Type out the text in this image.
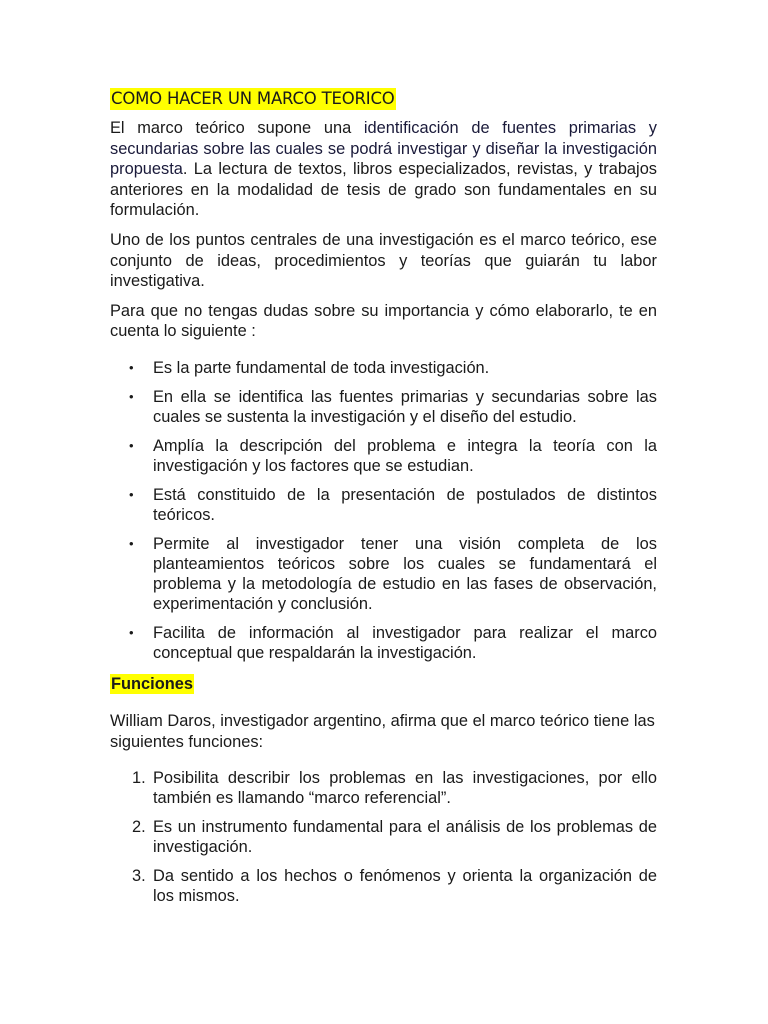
COMO HACER UN MARCO TEORICO

El marco teórico supone una identificación de fuentes primarias y secundarias sobre las cuales se podrá investigar y diseñar la investigación propuesta. La lectura de textos, libros especializados, revistas, y trabajos anteriores en la modalidad de tesis de grado son fundamentales en su formulación.

Uno de los puntos centrales de una investigación es el marco teórico, ese conjunto de ideas, procedimientos y teorías que guiarán tu labor investigativa.

Para que no tengas dudas sobre su importancia y cómo elaborarlo, te en cuenta lo siguiente :

• Es la parte fundamental de toda investigación.
• En ella se identifica las fuentes primarias y secundarias sobre las cuales se sustenta la investigación y el diseño del estudio.
• Amplía la descripción del problema e integra la teoría con la investigación y los factores que se estudian.
• Está constituido de la presentación de postulados de distintos teóricos.
• Permite al investigador tener una visión completa de los planteamientos teóricos sobre los cuales se fundamentará el problema y la metodología de estudio en las fases de observación, experimentación y conclusión.
• Facilita de información al investigador para realizar el marco conceptual que respaldarán la investigación.
Funciones

William Daros, investigador argentino, afirma que el marco teórico tiene las siguientes funciones:

1. Posibilita describir los problemas en las investigaciones, por ello también es llamando “marco referencial”.
2. Es un instrumento fundamental para el análisis de los problemas de investigación.
3. Da sentido a los hechos o fenómenos y orienta la organización de los mismos.
